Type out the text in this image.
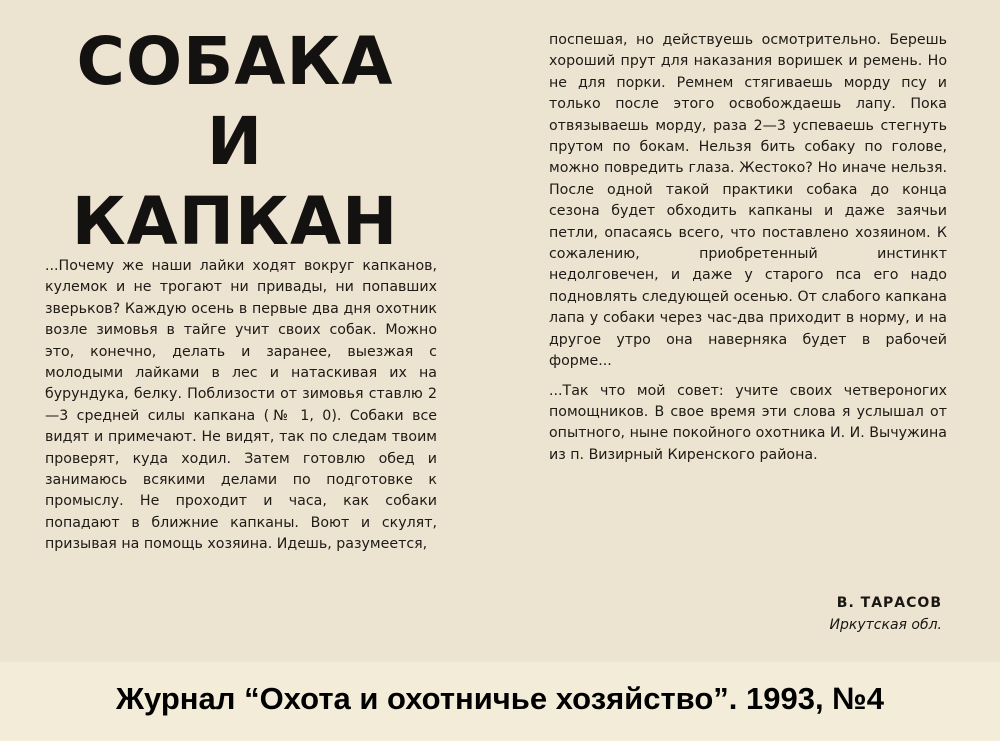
СОБАКА
И
КАПКАН

...Почему же наши лайки ходят вокруг капканов, кулемок и не трогают ни привады, ни попавших зверьков? Каждую осень в первые два дня охотник возле зимовья в тайге учит своих собак. Можно это, конечно, делать и заранее, выезжая с молодыми лайками в лес и натаскивая их на бурундука, белку. Поблизости от зимовья ставлю 2—3 средней силы капкана (№ 1, 0). Собаки все видят и примечают. Не видят, так по следам твоим проверят, куда ходил. Затем готовлю обед и занимаюсь всякими делами по подготовке к промыслу. Не проходит и часа, как собаки попадают в ближние капканы. Воют и скулят, призывая на помощь хозяина. Идешь, разумеется,

поспешая, но действуешь осмотрительно. Берешь хороший прут для наказания воришек и ремень. Но не для порки. Ремнем стягиваешь морду псу и только после этого освобождаешь лапу. Пока отвязываешь морду, раза 2—3 успеваешь стегнуть прутом по бокам. Нельзя бить собаку по голове, можно повредить глаза. Жестоко? Но иначе нельзя. После одной такой практики собака до конца сезона будет обходить капканы и даже заячьи петли, опасаясь всего, что поставлено хозяином. К сожалению, приобретенный инстинкт недолговечен, и даже у старого пса его надо подновлять следующей осенью. От слабого капкана лапа у собаки через час-два приходит в норму, и на другое утро она наверняка будет в рабочей форме...

...Так что мой совет: учите своих четвероногих помощников. В свое время эти слова я услышал от опытного, ныне покойного охотника И. И. Вычужина из п. Визирный Киренского района.

В. ТАРАСОВ
Иркутская обл.
Журнал “Охота и охотничье хозяйство”. 1993, №4
